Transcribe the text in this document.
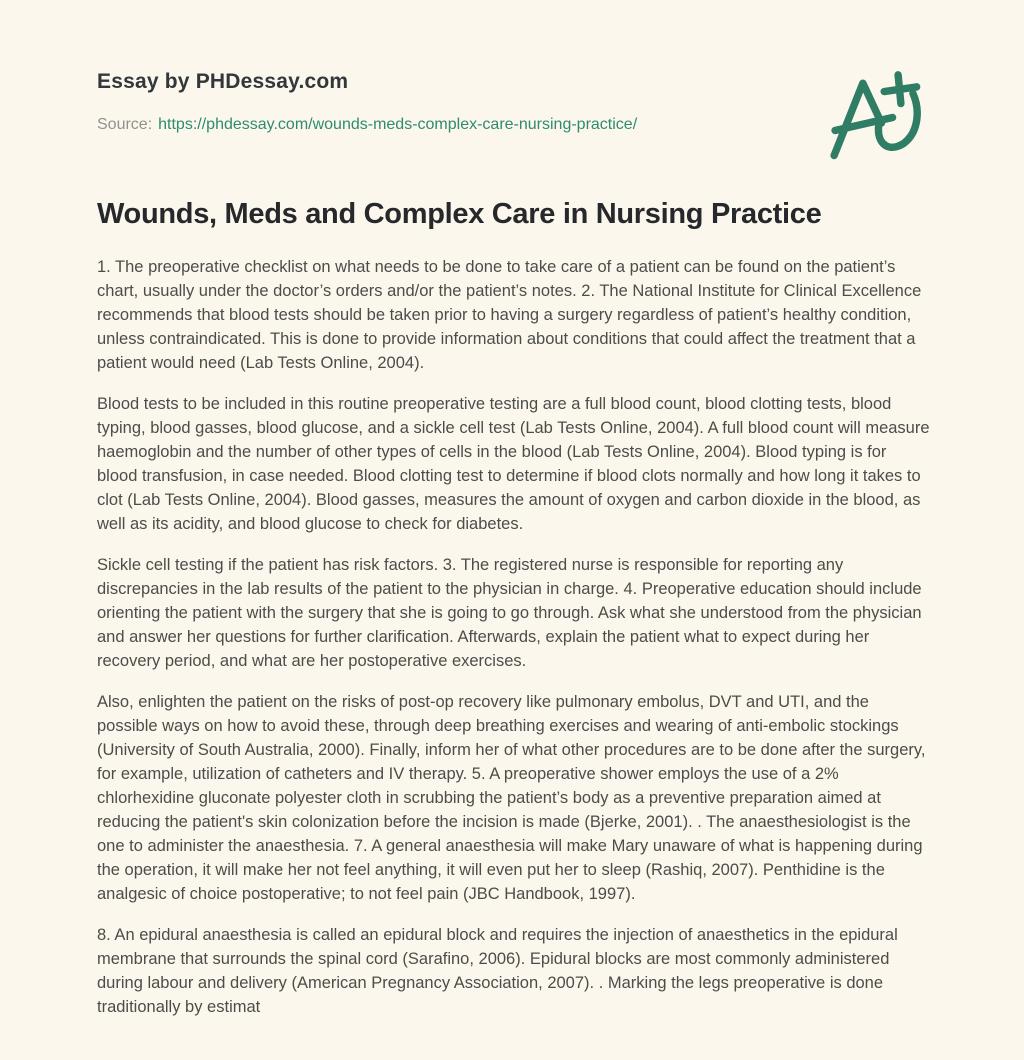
Essay by PHDessay.com
Source: https://phdessay.com/wounds-meds-complex-care-nursing-practice/
Wounds, Meds and Complex Care in Nursing Practice

1. The preoperative checklist on what needs to be done to take care of a patient can be found on the patient’s chart, usually under the doctor’s orders and/or the patient’s notes. 2. The National Institute for Clinical Excellence recommends that blood tests should be taken prior to having a surgery regardless of patient’s healthy condition, unless contraindicated. This is done to provide information about conditions that could affect the treatment that a patient would need (Lab Tests Online, 2004).

Blood tests to be included in this routine preoperative testing are a full blood count, blood clotting tests, blood typing, blood gasses, blood glucose, and a sickle cell test (Lab Tests Online, 2004). A full blood count will measure haemoglobin and the number of other types of cells in the blood (Lab Tests Online, 2004). Blood typing is for blood transfusion, in case needed. Blood clotting test to determine if blood clots normally and how long it takes to clot (Lab Tests Online, 2004). Blood gasses, measures the amount of oxygen and carbon dioxide in the blood, as well as its acidity, and blood glucose to check for diabetes.

Sickle cell testing if the patient has risk factors. 3. The registered nurse is responsible for reporting any discrepancies in the lab results of the patient to the physician in charge. 4. Preoperative education should include orienting the patient with the surgery that she is going to go through. Ask what she understood from the physician and answer her questions for further clarification. Afterwards, explain the patient what to expect during her recovery period, and what are her postoperative exercises.

Also, enlighten the patient on the risks of post-op recovery like pulmonary embolus, DVT and UTI, and the possible ways on how to avoid these, through deep breathing exercises and wearing of anti-embolic stockings (University of South Australia, 2000). Finally, inform her of what other procedures are to be done after the surgery, for example, utilization of catheters and IV therapy. 5. A preoperative shower employs the use of a 2% chlorhexidine gluconate polyester cloth in scrubbing the patient’s body as a preventive preparation aimed at reducing the patient's skin colonization before the incision is made (Bjerke, 2001). . The anaesthesiologist is the one to administer the anaesthesia. 7. A general anaesthesia will make Mary unaware of what is happening during the operation, it will make her not feel anything, it will even put her to sleep (Rashiq, 2007). Penthidine is the analgesic of choice postoperative; to not feel pain (JBC Handbook, 1997).

8. An epidural anaesthesia is called an epidural block and requires the injection of anaesthetics in the epidural membrane that surrounds the spinal cord (Sarafino, 2006). Epidural blocks are most commonly administered during labour and delivery (American Pregnancy Association, 2007). . Marking the legs preoperative is done traditionally by estimat
